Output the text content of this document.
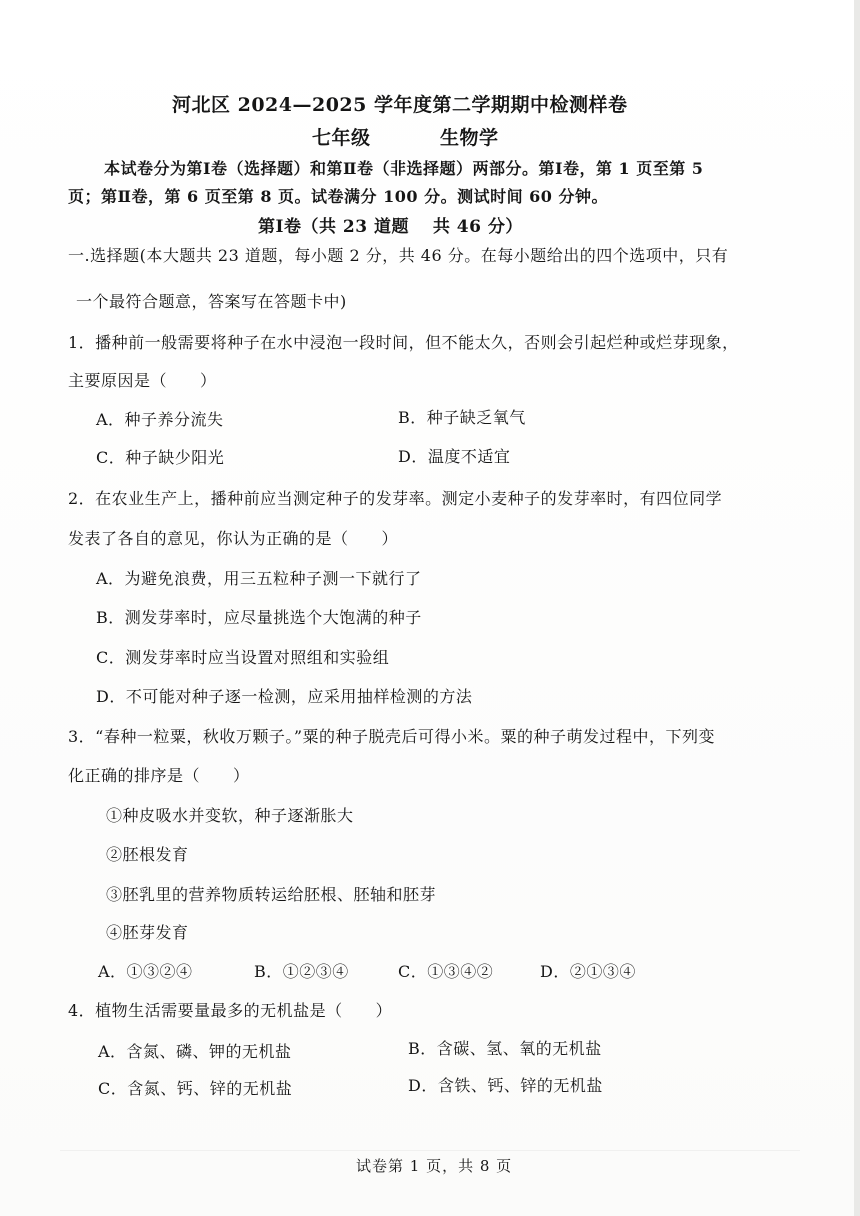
河北区 2024—2025 学年度第二学期期中检测样卷
七年级	生物学
本试卷分为第Ⅰ卷（选择题）和第Ⅱ卷（非选择题）两部分。第Ⅰ卷，第 1 页至第 5
页；第Ⅱ卷，第 6 页至第 8 页。试卷满分 100 分。测试时间 60 分钟。
第Ⅰ卷（共 23 道题　 共 46 分）
一.选择题(本大题共 23 道题，每小题 2 分，共 46 分。在每小题给出的四个选项中，只有
一个最符合题意，答案写在答题卡中)
1．播种前一般需要将种子在水中浸泡一段时间，但不能太久，否则会引起烂种或烂芽现象，
主要原因是（　　）
A．种子养分流失	B．种子缺乏氧气
C．种子缺少阳光	D．温度不适宜
2．在农业生产上，播种前应当测定种子的发芽率。测定小麦种子的发芽率时，有四位同学
发表了各自的意见，你认为正确的是（　　）
A．为避免浪费，用三五粒种子测一下就行了
B．测发芽率时，应尽量挑选个大饱满的种子
C．测发芽率时应当设置对照组和实验组
D．不可能对种子逐一检测，应采用抽样检测的方法
3．“春种一粒粟，秋收万颗子。”粟的种子脱壳后可得小米。粟的种子萌发过程中，下列变
化正确的排序是（　　）
①种皮吸水并变软，种子逐渐胀大
②胚根发育
③胚乳里的营养物质转运给胚根、胚轴和胚芽
④胚芽发育
A．①③②④	B．①②③④	C．①③④②	D．②①③④
4．植物生活需要量最多的无机盐是（　　）
A．含氮、磷、钾的无机盐	B．含碳、氢、氧的无机盐
C．含氮、钙、锌的无机盐	D．含铁、钙、锌的无机盐
试卷第 1 页，共 8 页
